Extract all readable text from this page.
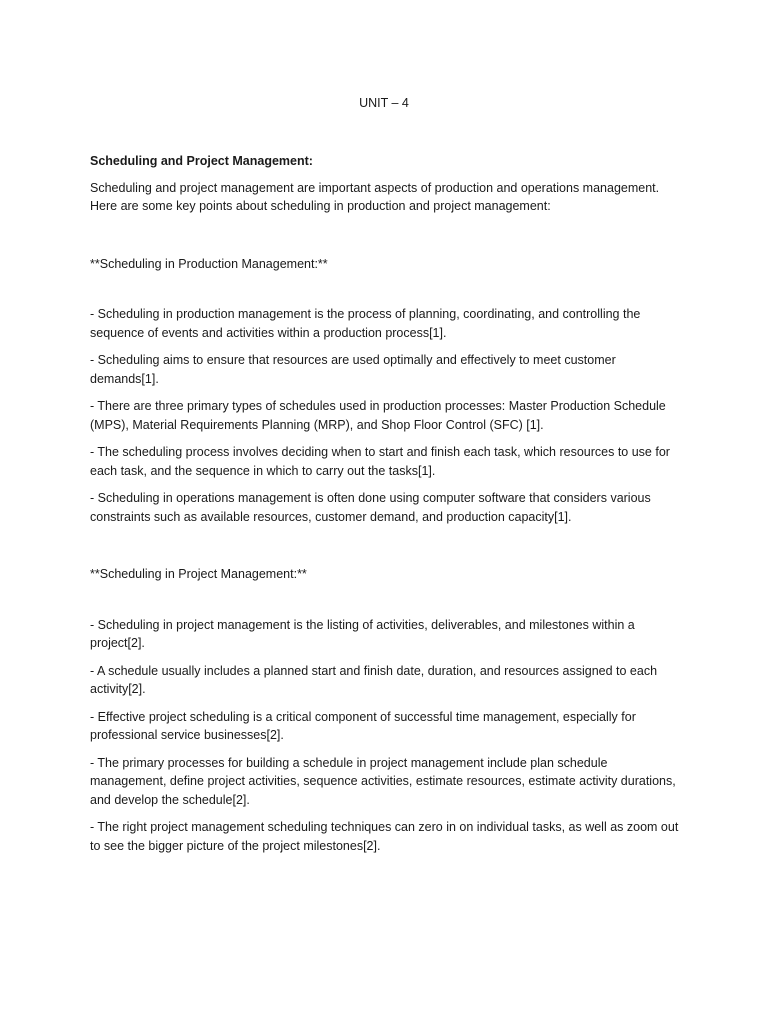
UNIT – 4

Scheduling and Project Management:

Scheduling and project management are important aspects of production and operations management. Here are some key points about scheduling in production and project management:

**Scheduling in Production Management:**

- Scheduling in production management is the process of planning, coordinating, and controlling the sequence of events and activities within a production process[1].

- Scheduling aims to ensure that resources are used optimally and effectively to meet customer demands[1].

- There are three primary types of schedules used in production processes: Master Production Schedule (MPS), Material Requirements Planning (MRP), and Shop Floor Control (SFC) [1].

- The scheduling process involves deciding when to start and finish each task, which resources to use for each task, and the sequence in which to carry out the tasks[1].

- Scheduling in operations management is often done using computer software that considers various constraints such as available resources, customer demand, and production capacity[1].

**Scheduling in Project Management:**

- Scheduling in project management is the listing of activities, deliverables, and milestones within a project[2].

- A schedule usually includes a planned start and finish date, duration, and resources assigned to each activity[2].

- Effective project scheduling is a critical component of successful time management, especially for professional service businesses[2].

- The primary processes for building a schedule in project management include plan schedule management, define project activities, sequence activities, estimate resources, estimate activity durations, and develop the schedule[2].

- The right project management scheduling techniques can zero in on individual tasks, as well as zoom out to see the bigger picture of the project milestones[2].
